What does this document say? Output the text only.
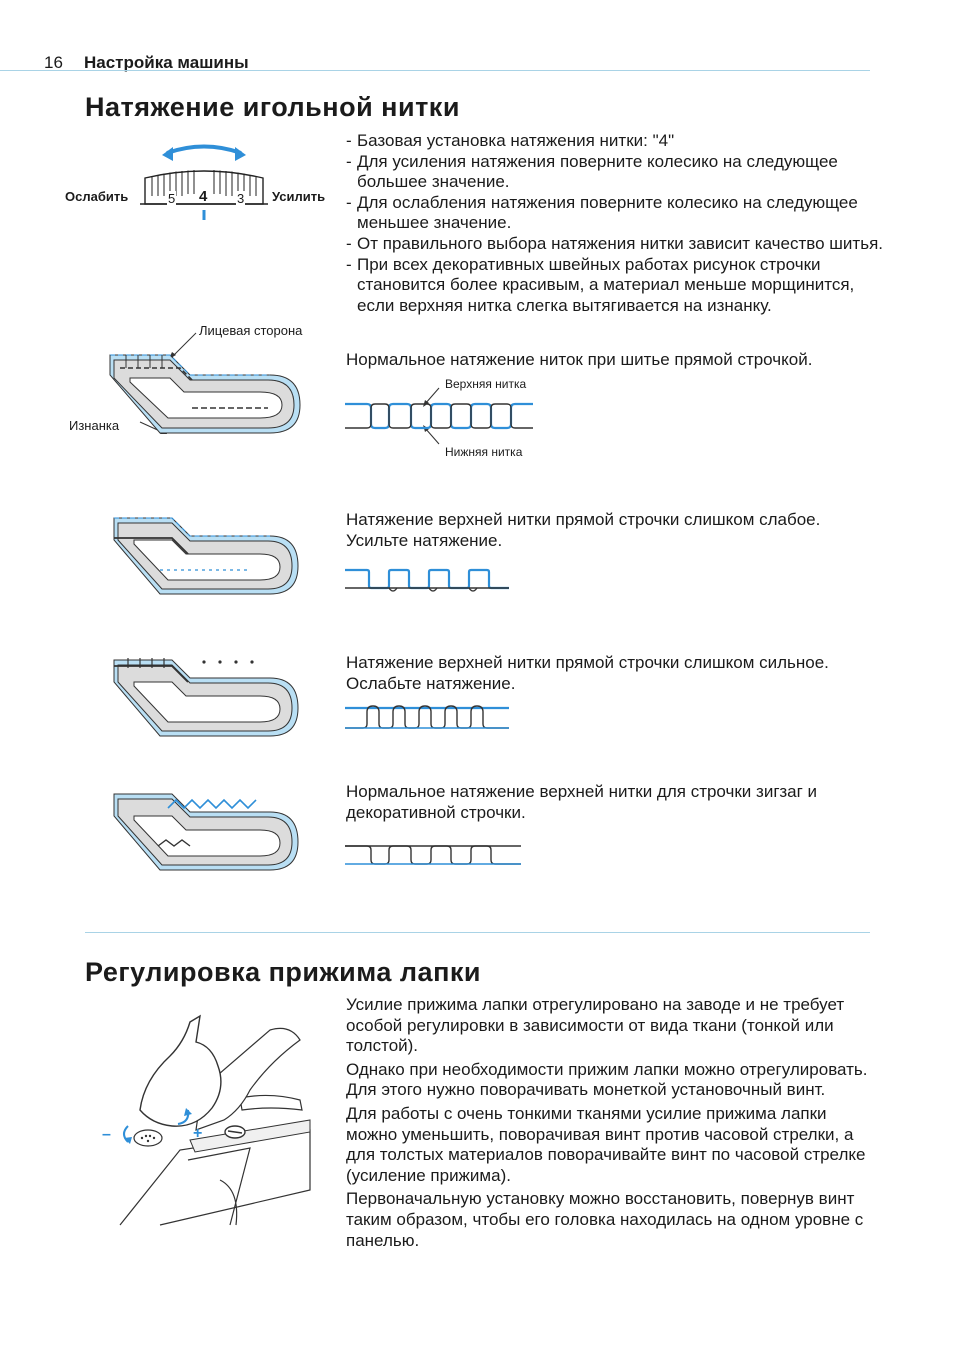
16 Настройка машины
Натяжение игольной нитки
Ослабить	Усилить
5 4 3
- Базовая установка натяжения нитки: "4"
- Для усиления натяжения поверните колесико на следующее большее значение.
- Для ослабления натяжения поверните колесико на следующее меньшее значение.
- От правильного выбора натяжения нитки зависит качество шитья.
- При всех декоративных швейных работах рисунок строчки становится более красивым, а материал меньше морщинится, если верхняя нитка слегка вытягивается на изнанку.
Лицевая сторона
Изнанка
Нормальное натяжение ниток при шитье прямой строчкой.
Верхняя нитка
Нижняя нитка
Натяжение верхней нитки прямой строчки слишком слабое. Усильте натяжение.
Натяжение верхней нитки прямой строчки слишком сильное. Ослабьте натяжение.
Нормальное натяжение верхней нитки для строчки зигзаг и декоративной строчки.
Регулировка прижима лапки
–	+

Усилие прижима лапки отрегулировано на заводе и не требует особой регулировки в зависимости от вида ткани (тонкой или толстой).

Однако при необходимости прижим лапки можно отрегулировать. Для этого нужно поворачивать монеткой установочный винт.

Для работы с очень тонкими тканями усилие прижима лапки можно уменьшить, поворачивая винт против часовой стрелки, а для толстых материалов поворачивайте винт по часовой стрелке (усиление прижима).

Первоначальную установку можно восстановить, повернув винт таким образом, чтобы его головка находилась на одном уровне с панелью.
